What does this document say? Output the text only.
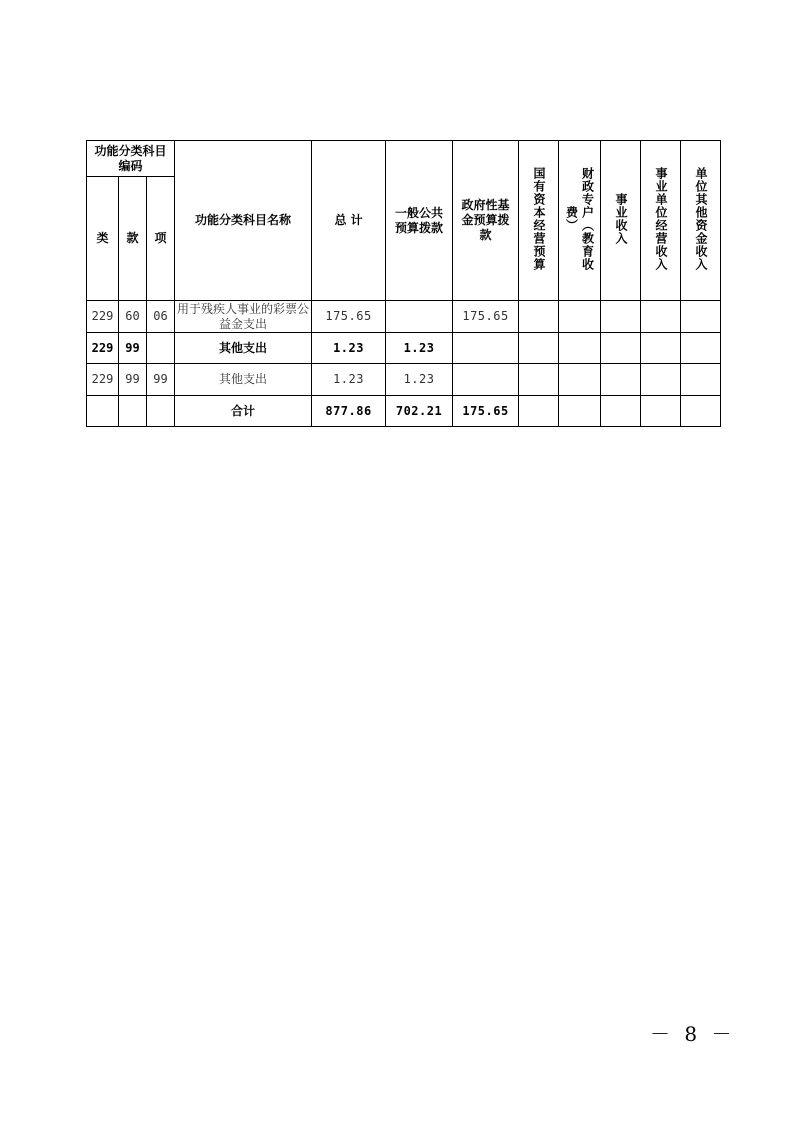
功能分类科目编码			功能分类科目名称	总 计	一般公共预算拨款	政府性基金预算拨款	国有资本经营预算	财政专户（教育收费）	事业收入	事业单位经营收入	单位其他资金收入
类	款	项									
229	60	06	用于残疾人事业的彩票公益金支出	175.65		175.65					
229	99		其他支出	1.23	1.23						
229	99	99	其他支出	1.23	1.23						
			合计	877.86	702.21	175.65					
－ 8 －
